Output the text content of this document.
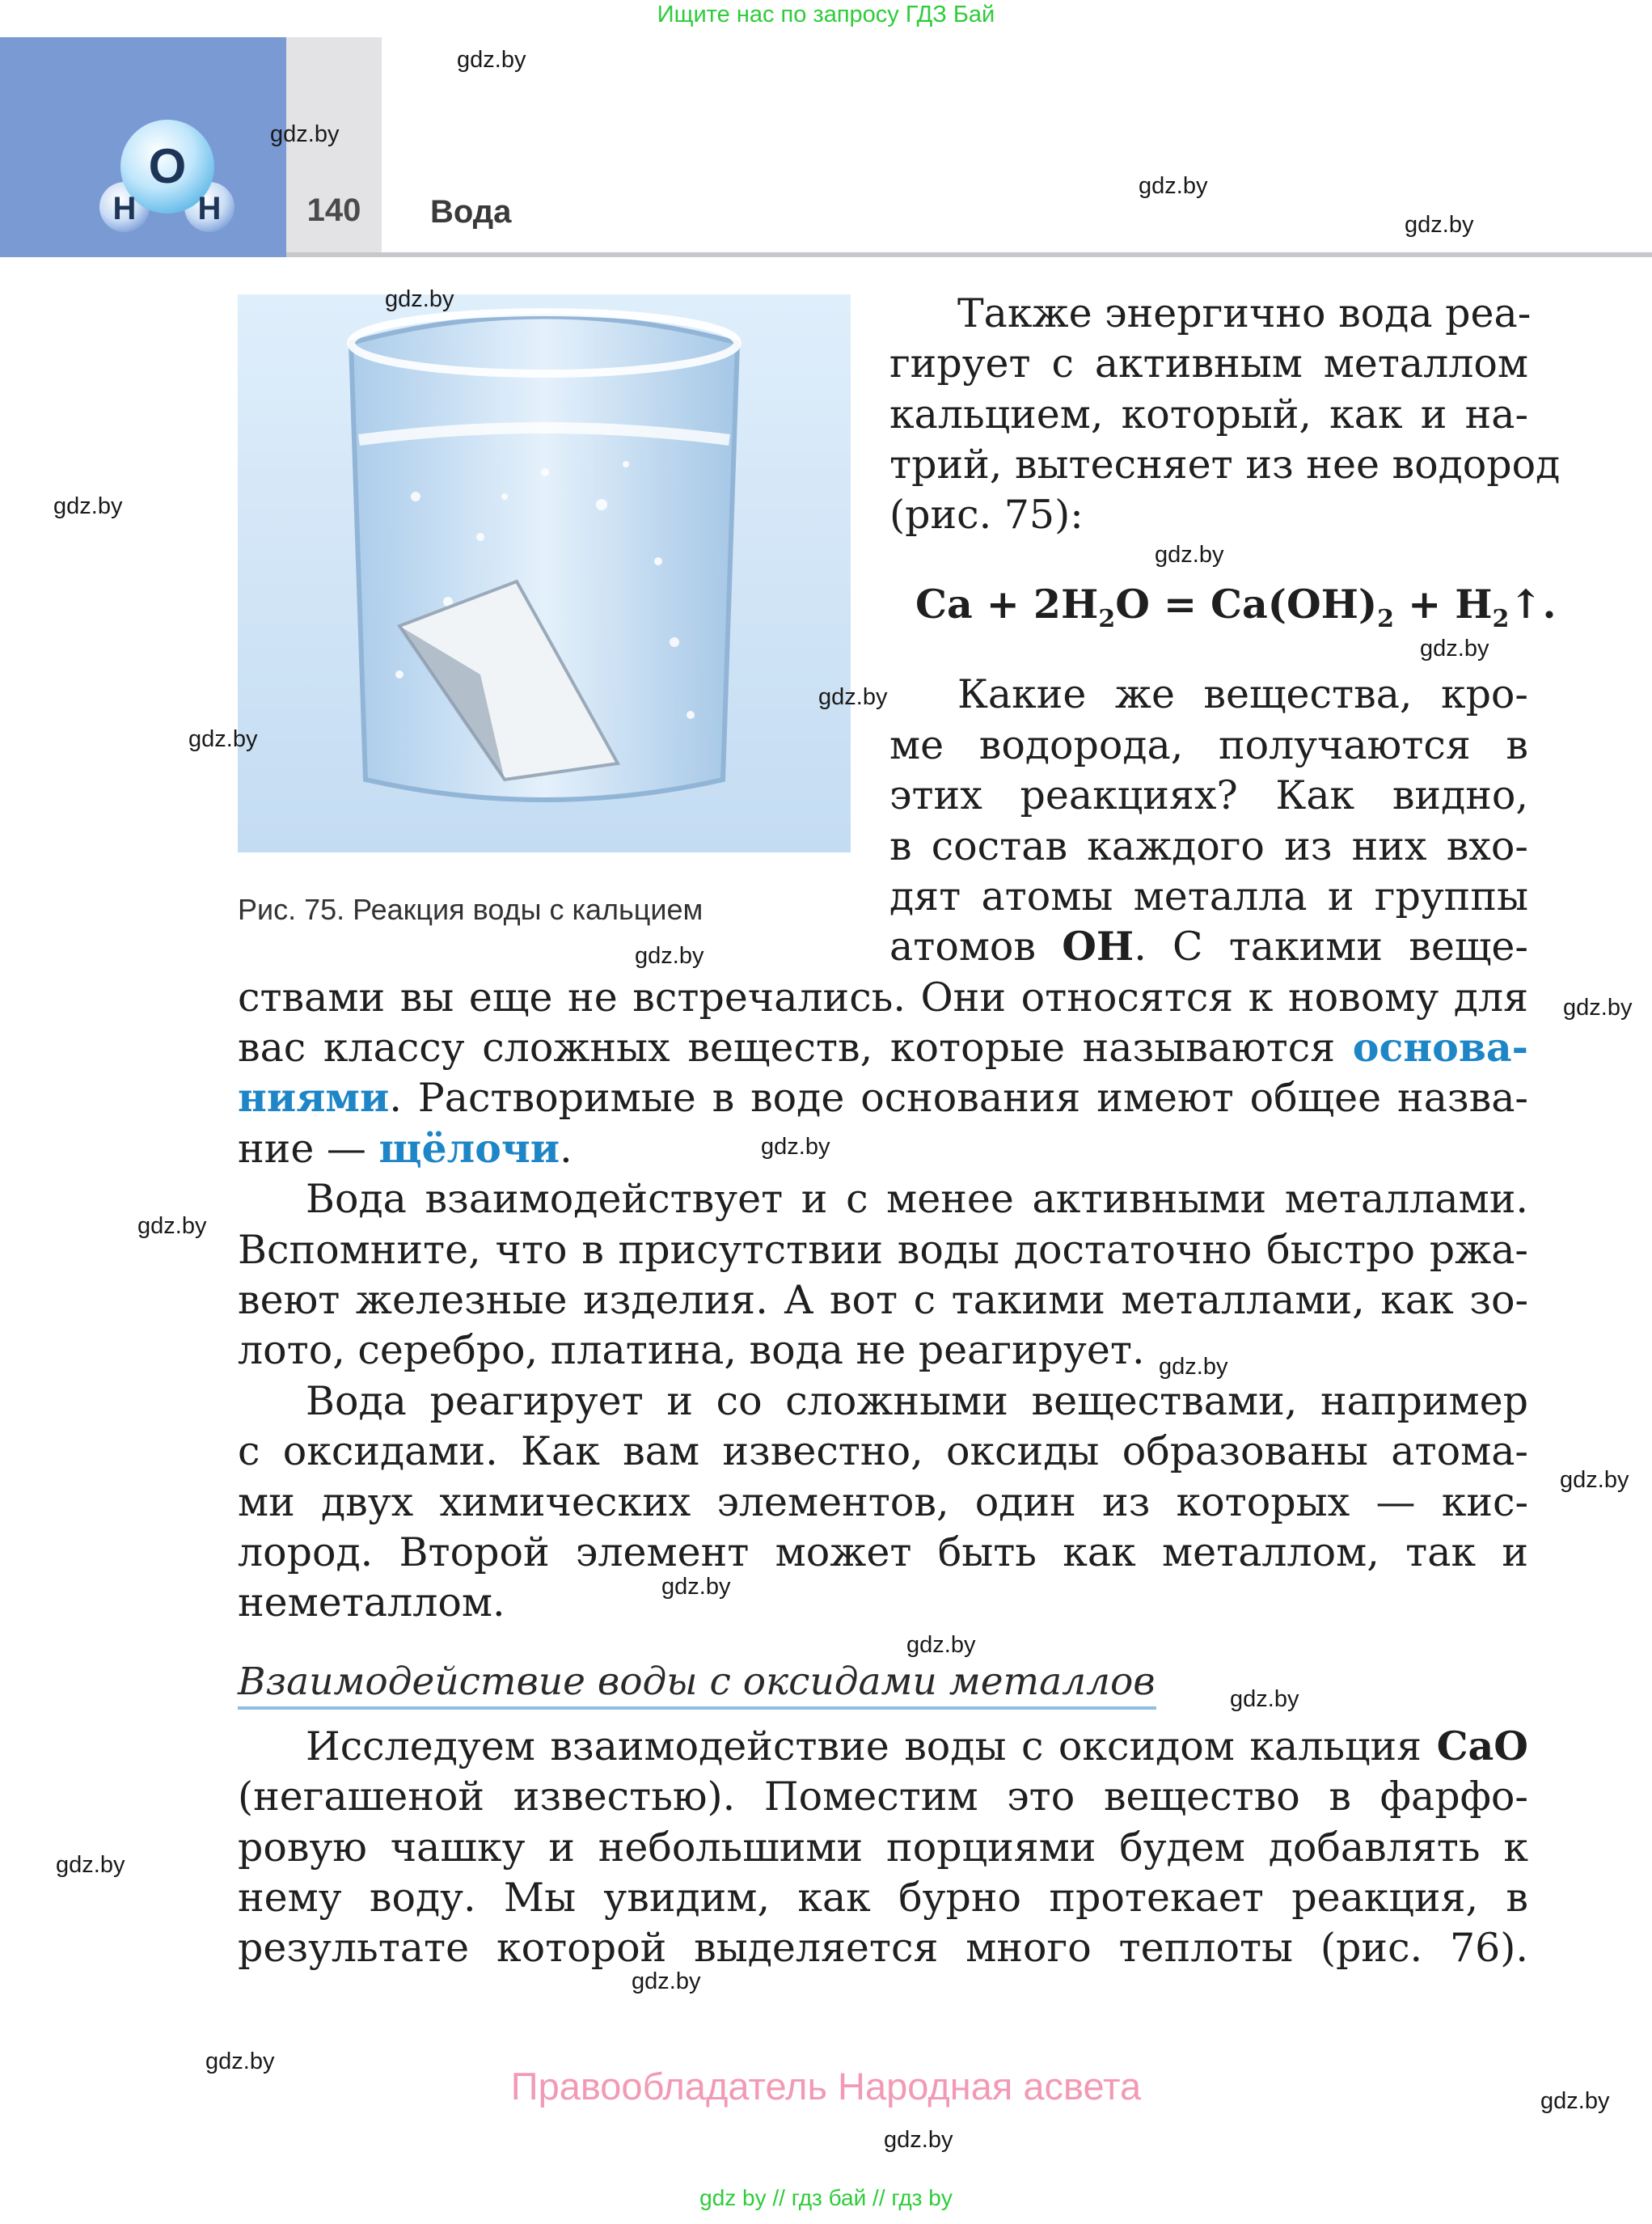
Ищите нас по запросу ГДЗ Бай
O
H H	140	Вода
Рис. 75. Реакция воды с кальцием
Также энергично вода реа-
гирует с активным металлом
кальцием, который, как и на-
трий, вытесняет из нее водород
(рис. 75):
$Ca + 2H_2O = Ca(OH)_2$ + $H_2↑$.
Какие же вещества, кро-
ме водорода, получаются в
этих реакциях? Как видно,
в состав каждого из них вхо-
дят атомы металла и группы
атомов OH. С такими веще-
ствами вы еще не встречались. Они относятся к новому для
вас классу сложных веществ, которые называются основа-
ниями. Растворимые в воде основания имеют общее назва-
ние — щёлочи.
Вода взаимодействует и с менее активными металлами.
Вспомните, что в присутствии воды достаточно быстро ржа-
веют железные изделия. А вот с такими металлами, как зо-
лото, серебро, платина, вода не реагирует.
Вода реагирует и со сложными веществами, например
с оксидами. Как вам известно, оксиды образованы атома-
ми двух химических элементов, один из которых — кис-
лород. Второй элемент может быть как металлом, так и
неметаллом.
Взаимодействие воды с оксидами металлов
Исследуем взаимодействие воды с оксидом кальция CaO
(негашеной известью). Поместим это вещество в фарфо-
ровую чашку и небольшими порциями будем добавлять к
нему воду. Мы увидим, как бурно протекает реакция, в
результате которой выделяется много теплоты (рис. 76).
gdz.by
gdz.by
gdz.by
gdz.by
gdz.by
gdz.by
gdz.by
gdz.by
gdz.by
gdz.by
gdz.by
gdz.by
gdz.by
gdz.by
gdz.by
gdz.by
gdz.by
gdz.by
gdz.by
gdz.by
gdz.by
gdz.by
gdz.by
gdz.by
Правообладатель Народная асвета
gdz by // гдз бай // гдз by
